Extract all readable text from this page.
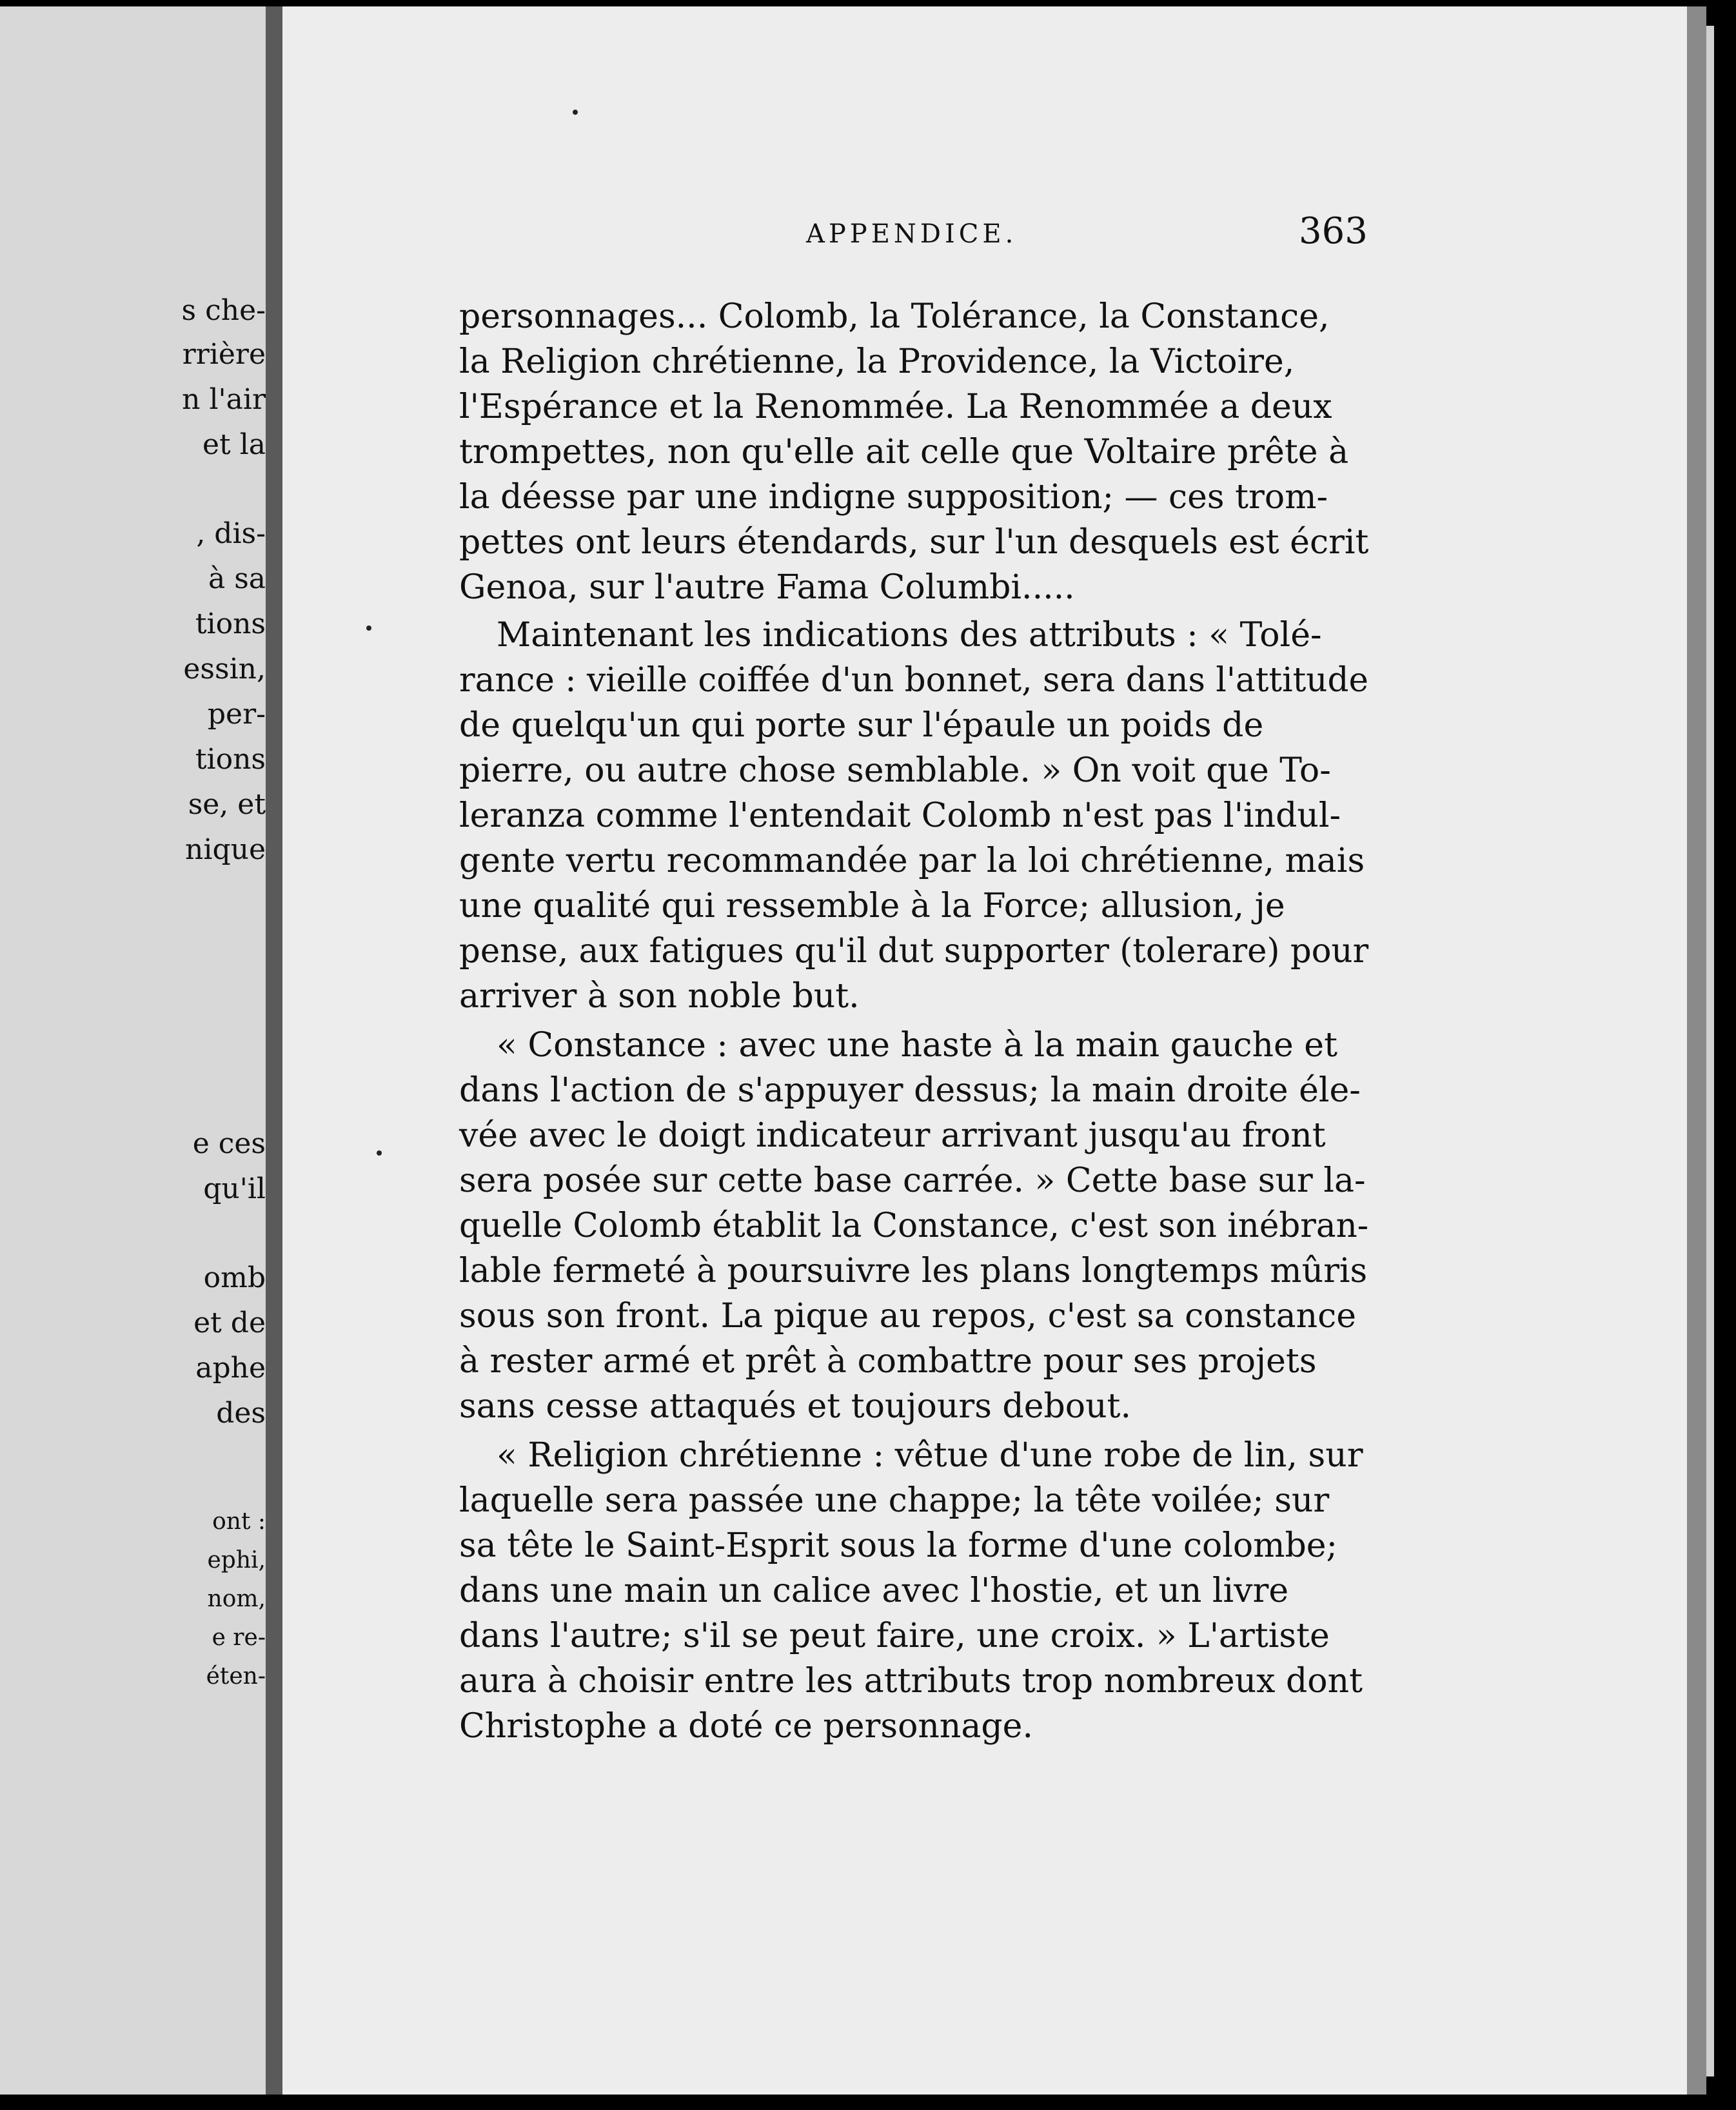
s che-
rrière
n l'air
et la
, dis-
à sa
tions
essin,
per-
tions
se, et
nique
e ces
qu'il
omb
et de
aphe
des
ont :
ephi,
nom,
e re-
éten-
APPENDICE.	363
personnages... Colomb, la Tolérance, la Constance,
la Religion chrétienne, la Providence, la Victoire,
l'Espérance et la Renommée. La Renommée a deux
trompettes, non qu'elle ait celle que Voltaire prête à
la déesse par une indigne supposition; — ces trom-
pettes ont leurs étendards, sur l'un desquels est écrit
Genoa, sur l'autre Fama Columbi.....
Maintenant les indications des attributs : « Tolé-
rance : vieille coiffée d'un bonnet, sera dans l'attitude
de quelqu'un qui porte sur l'épaule un poids de
pierre, ou autre chose semblable. » On voit que To-
leranza comme l'entendait Colomb n'est pas l'indul-
gente vertu recommandée par la loi chrétienne, mais
une qualité qui ressemble à la Force; allusion, je
pense, aux fatigues qu'il dut supporter (tolerare) pour
arriver à son noble but.
« Constance : avec une haste à la main gauche et
dans l'action de s'appuyer dessus; la main droite éle-
vée avec le doigt indicateur arrivant jusqu'au front
sera posée sur cette base carrée. » Cette base sur la-
quelle Colomb établit la Constance, c'est son inébran-
lable fermeté à poursuivre les plans longtemps mûris
sous son front. La pique au repos, c'est sa constance
à rester armé et prêt à combattre pour ses projets
sans cesse attaqués et toujours debout.
« Religion chrétienne : vêtue d'une robe de lin, sur
laquelle sera passée une chappe; la tête voilée; sur
sa tête le Saint-Esprit sous la forme d'une colombe;
dans une main un calice avec l'hostie, et un livre
dans l'autre; s'il se peut faire, une croix. » L'artiste
aura à choisir entre les attributs trop nombreux dont
Christophe a doté ce personnage.
